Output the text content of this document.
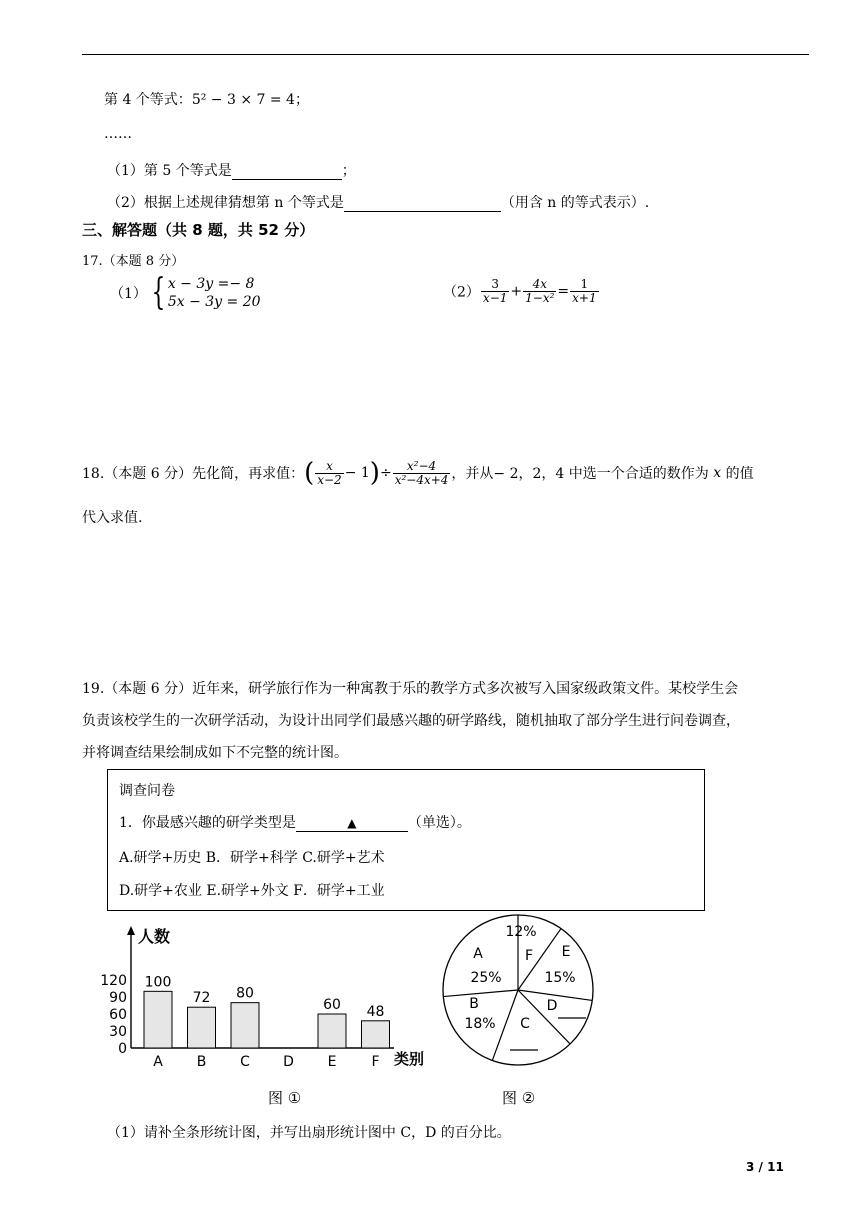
第 4 个等式：5² − 3 × 7 = 4；
……
（1）第 5 个等式是	；
（2）根据上述规律猜想第 n 个等式是	（用含 n 的等式表示）.
三、解答题（共 8 题，共 52 分）
17.（本题 8 分）
（1） { x − 3y =− 8
5x − 3y = 20
$(2) \frac{3}{x-1} + \frac{4x}{\text{1−x²}} = \frac{1}{x+1}$
18.（本题 6 分）先化简，再求值：( $\frac{x}{x-2} - 1)\div \frac{\text{x²−4}}{\text{x²−4x+4}}$ ，并从− 2，2，4 中选一个合适的数作为 x 的值
代入求值.
19.（本题 6 分）近年来，研学旅行作为一种寓教于乐的教学方式多次被写入国家级政策文件。某校学生会
负责该校学生的一次研学活动，为设计出同学们最感兴趣的研学路线，随机抽取了部分学生进行问卷调查，
并将调查结果绘制成如下不完整的统计图。
调查问卷
1．你最感兴趣的研学类型是	▲	（单选）。
A.研学+历史 B．研学+科学 C.研学+艺术
D.研学+农业 E.研学+外文 F．研学+工业
人数
类别
0
30
60
90
120 100
A
72
B
80
C D
60
E
48
F
图 ①
A
25%
F
12%
E
15%
D
C
B
18%
图 ②
（1）请补全条形统计图，并写出扇形统计图中 C，D 的百分比。
3 / 11
